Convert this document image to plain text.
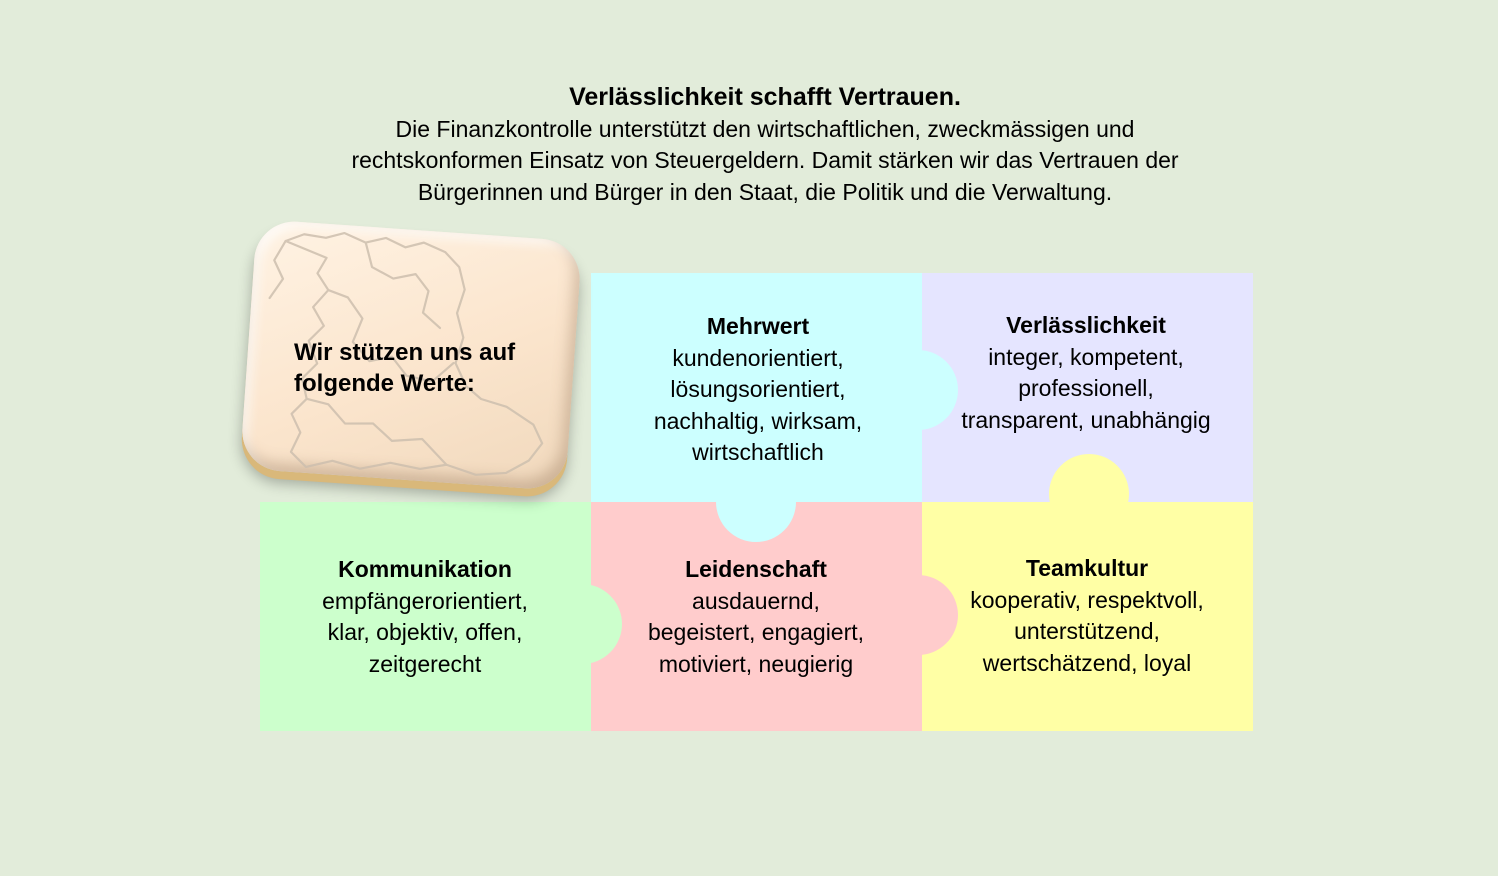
Verlässlichkeit schafft Vertrauen.
Die Finanzkontrolle unterstützt den wirtschaftlichen, zweckmässigen und
rechtskonformen Einsatz von Steuergeldern. Damit stärken wir das Vertrauen der
Bürgerinnen und Bürger in den Staat, die Politik und die Verwaltung.
Mehrwert
kundenorientiert,
lösungsorientiert,
nachhaltig, wirksam,
wirtschaftlich
Verlässlichkeit
integer, kompetent,
professionell,
transparent, unabhängig
Kommunikation
empfängerorientiert,
klar, objektiv, offen,
zeitgerecht
Leidenschaft
ausdauernd,
begeistert, engagiert,
motiviert, neugierig
Teamkultur
kooperativ, respektvoll,
unterstützend,
wertschätzend, loyal
Wir stützen uns auf
folgende Werte:
